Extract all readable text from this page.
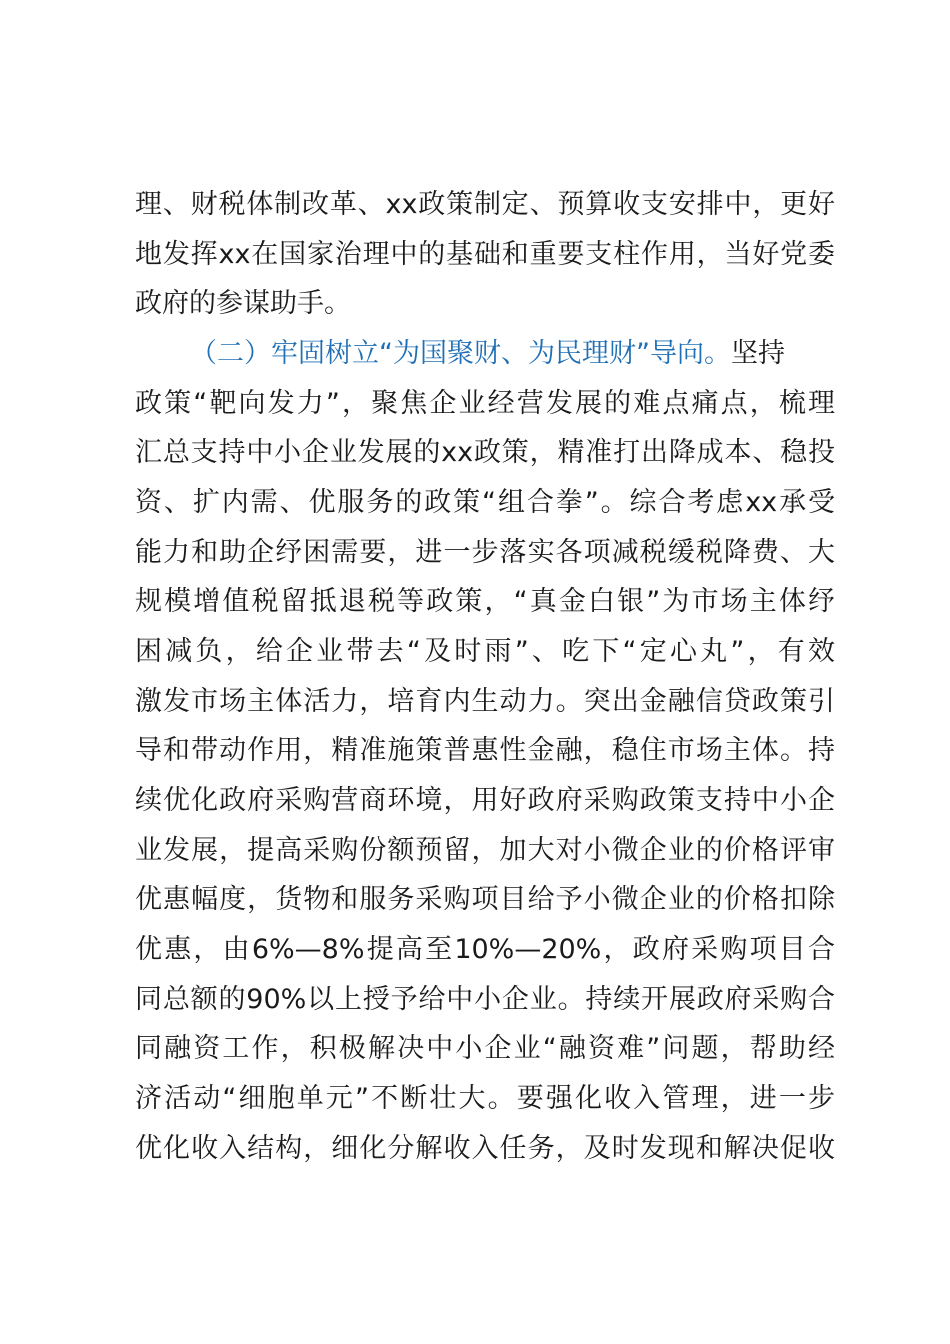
理、财税体制改革、xx政策制定、预算收支安排中，更好
地发挥xx在国家治理中的基础和重要支柱作用，当好党委
政府的参谋助手。
（二）牢固树立“为国聚财、为民理财”导向。坚持
政策“靶向发力”，聚焦企业经营发展的难点痛点，梳理
汇总支持中小企业发展的xx政策，精准打出降成本、稳投
资、扩内需、优服务的政策“组合拳”。综合考虑xx承受
能力和助企纾困需要，进一步落实各项减税缓税降费、大
规模增值税留抵退税等政策，“真金白银”为市场主体纾
困减负，给企业带去“及时雨”、吃下“定心丸”，有效
激发市场主体活力，培育内生动力。突出金融信贷政策引
导和带动作用，精准施策普惠性金融，稳住市场主体。持
续优化政府采购营商环境，用好政府采购政策支持中小企
业发展，提高采购份额预留，加大对小微企业的价格评审
优惠幅度，货物和服务采购项目给予小微企业的价格扣除
优惠，由6%—8%提高至10%—20%，政府采购项目合
同总额的90%以上授予给中小企业。持续开展政府采购合
同融资工作，积极解决中小企业“融资难”问题，帮助经
济活动“细胞单元”不断壮大。要强化收入管理，进一步
优化收入结构，细化分解收入任务，及时发现和解决促收
